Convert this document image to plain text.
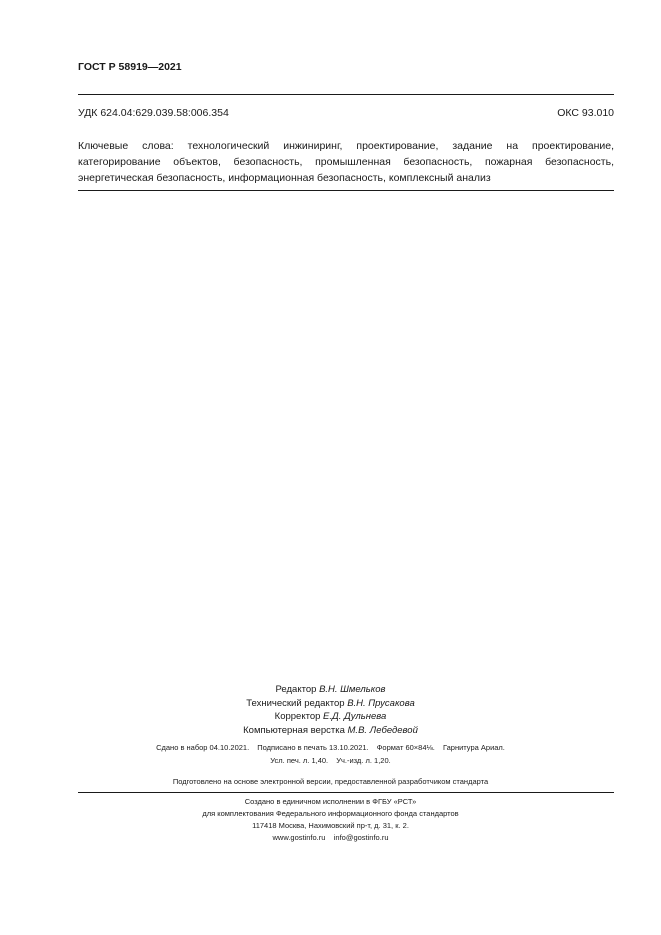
ГОСТ Р 58919—2021
УДК 624.04:629.039.58:006.354	ОКС 93.010
Ключевые слова: технологический инжиниринг, проектирование, задание на проектирование, категорирование объектов, безопасность, промышленная безопасность, пожарная безопасность, энергетическая безопасность, информационная безопасность, комплексный анализ
Редактор В.Н. Шмельков
Технический редактор В.Н. Прусакова
Корректор Е.Д. Дульнева
Компьютерная верстка М.В. Лебедевой
Сдано в набор 04.10.2021. Подписано в печать 13.10.2021. Формат 60×84⅛. Гарнитура Ариал.
Усл. печ. л. 1,40. Уч.-изд. л. 1,20.
Подготовлено на основе электронной версии, предоставленной разработчиком стандарта
Создано в единичном исполнении в ФГБУ «РСТ»
для комплектования Федерального информационного фонда стандартов
117418 Москва, Нахимовский пр-т, д. 31, к. 2.
www.gostinfo.ru    info@gostinfo.ru
